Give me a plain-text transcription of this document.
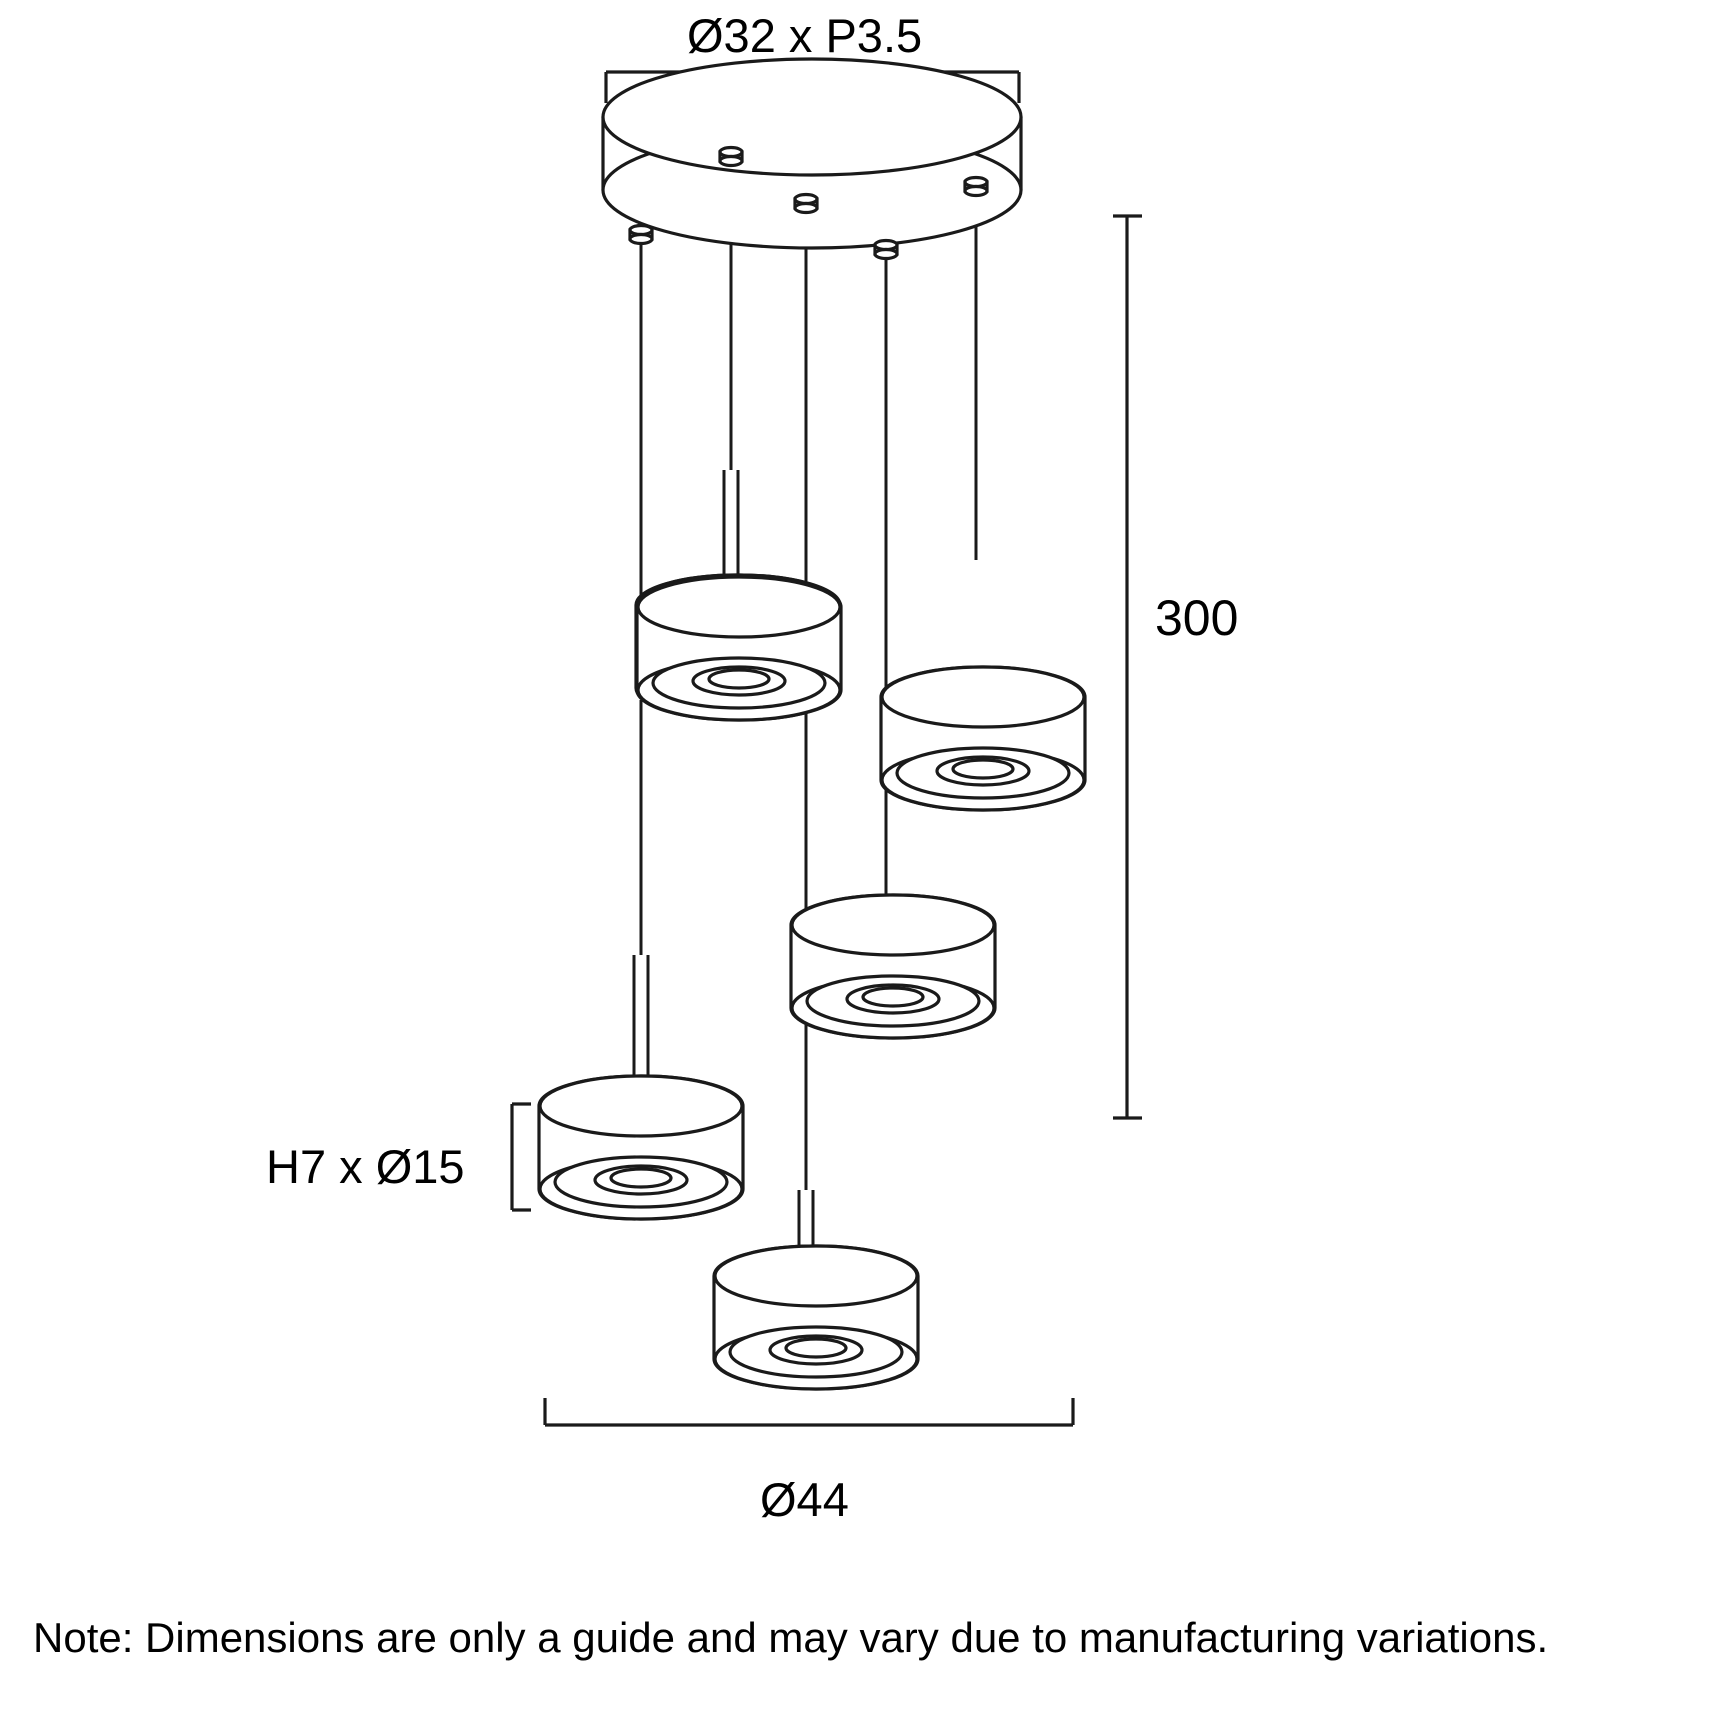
Ø32 x P3.5
300
H7 x Ø15
Ø44
Note: Dimensions are only a guide and may vary due to manufacturing variations.
